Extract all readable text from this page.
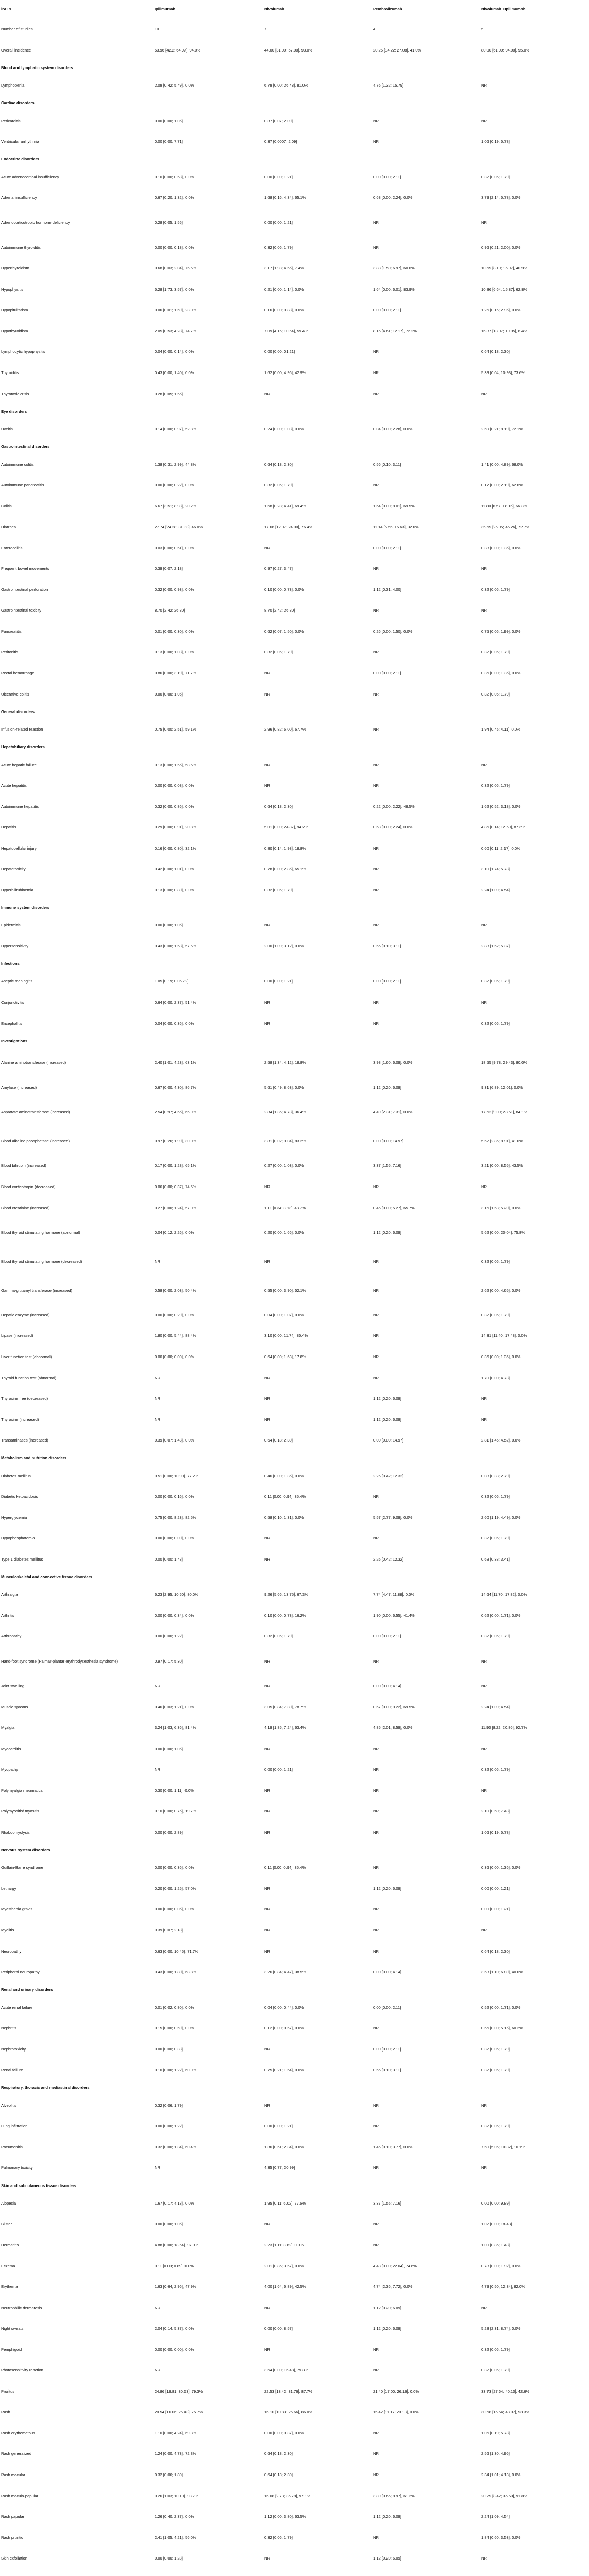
irAEs	Ipilimumab	Nivolumab	Pembrolizumab	Nivolumab +Ipilimumab
Number of studies	10	7	4	5
Overall incidence	53.96 [42.2; 64.97], 94.0%	44.00 [31.00; 57.00], 93.0%	20.26 [14.22; 27.08], 41.0%	80.00 [61.00; 94.00], 95.0%
Blood and lymphatic system disorders				
Lymphopenia	2.08 [0.42; 5.49], 0.0%	6.78 [0.00; 26.48], 81.0%	4.76 [1.32; 15.79]	NR
Cardiac disorders				
Pericarditis	0.00 [0.00; 1.05]	0.37 [0.07; 2.09]	NR	NR
Ventricular arrhythmia	0.00 [0.00; 7.71]	0.37 [0.0007; 2.09]	NR	1.06 [0.19; 5.78]
Endocrine disorders				
Acute adrenocortical insufficiency	0.10 [0.00; 0.58], 0.0%	0.00 [0.00; 1.21]	0.00 [0.00; 2.11]	0.32 [0.06; 1.79]
Adrenal insufficiency	0.67 [0.20; 1.32], 0.0%	1.68 [0.16; 4.34], 65.1%	0.68 [0.00; 2.24], 0.0%	3.79 [2.14; 5.78], 0.0%
Adrenocorticotropic hormone deficiency	0.28 [0.05; 1.55]	0.00 [0.00; 1.21]	NR	NR
Autoimmune thyroiditis	0.00 [0.00; 0.18], 0.0%	0.32 [0.06; 1.79]	NR	0.96 [0.21; 2.00], 0.0%
Hyperthyroidism	0.68 [0.03; 2.04], 75.5%	3.17 [1.98; 4.55], 7.4%	3.83 [1.50; 6.97], 60.6%	10.59 [8.19; 15.97], 40.9%
Hypophysitis	5.28 [1.73; 3.57], 0.0%	0.21 [0.00; 1.14], 0.0%	1.64 [0.00; 6.01], 83.9%	10.86 [6.64; 15.87], 62.8%
Hypopituitarism	0.06 [0.01; 1.69], 23.0%	0.16 [0.00; 0.88], 0.0%	0.00 [0.00; 2.11]	1.25 [0.16; 2.95], 0.0%
Hypothyroidism	2.05 [0.53; 4.28], 74.7%	7.09 [4.16; 10.64], 59.4%	8.15 [4.61; 12.17], 72.2%	16.37 [13.07; 19.95], 6.4%
Lymphocytic hypophysitis	0.04 [0.00; 0.14], 0.0%	0.00 [0.00; 01.21]	NR	0.64 [0.18; 2.30]
Thyroiditis	0.43 [0.00; 1.40], 0.0%	1.62 [0.00; 4.96], 42.9%	NR	5.39 [0.04; 10.93], 73.6%
Thyrotoxic crisis	0.28 [0.05; 1.55]	NR	NR	NR
Eye disorders				
Uveitis	0.14 [0.00; 0.97], 52.8%	0.24 [0.00; 1.03], 0.0%	0.04 [0.00; 2.28], 0.0%	2.69 [0.21; 8.19], 72.1%
Gastrointestinal disorders				
Autoimmune colitis	1.38 [0.31; 2.99], 44.8%	0.64 [0.18; 2.30]	0.56 [0.10; 3.11]	1.41 [0.00; 4.89], 68.0%
Autoimmune pancreatitis	0.00 [0.00; 0.22], 0.0%	0.32 [0.06; 1.79]	NR	0.17 [0.00; 2.19], 62.6%
Colitis	6.67 [3.51; 8.98], 20.2%	1.68 [0.28; 4.41], 69.4%	1.64 [0.00; 8.01], 69.5%	11.80 [6.57; 18.16], 66.3%
Diarrhea	27.74 [24.28; 31.33], 46.0%	17.66 [12.07; 24.00], 76.4%	11.14 [6.56; 16.63], 32.6%	35.69 [26.05; 45.26], 72.7%
Enterocolitis	0.03 [0.00; 0.51], 0.0%	NR	0.00 [0.00; 2.11]	0.38 [0.00; 1.36], 0.0%
Frequent bowel movements	0.39 [0.07; 2.18]	0.97 [0.27; 3.47]	NR	NR
Gastrointestinal perforation	0.32 [0.00; 0.93], 0.0%	0.10 [0.00; 0.73], 0.0%	1.12 [0.31; 4.00]	0.32 [0.06; 1.79]
Gastrointestinal toxicity	8.70 [2.42; 26.80]	8.70 [2.42; 26.80]	NR	NR
Pancreatitis	0.01 [0.00; 0.30], 0.0%	0.62 [0.07; 1.50], 0.0%	0.26 [0.00; 1.50], 0.0%	0.75 [0.06; 1.99], 0.0%
Peritonitis	0.13 [0.00; 1.03], 0.0%	0.32 [0.06; 1.79]	NR	0.32 [0.06; 1.79]
Rectal hemorrhage	0.86 [0.00; 3.19], 71.7%	NR	0.00 [0.00; 2.11]	0.36 [0.00; 1.36], 0.0%
Ulcerative colitis	0.00 [0.00; 1.05]	NR	NR	0.32 [0.06; 1.79]
General disorders				
Infusion-related reaction	0.75 [0.00; 2.51], 59.1%	2.96 [0.82; 6.00], 67.7%	NR	1.94 [0.45; 4.11], 0.0%
Hepatobiliary disorders				
Acute hepatic failure	0.13 [0.00; 1.55], 58.5%	NR	NR	NR
Acute hepatitis	0.00 [0.00; 0.08], 0.0%	NR	NR	0.32 [0.06; 1.79]
Autoimmune hepatitis	0.32 [0.00; 0.86], 0.0%	0.64 [0.18; 2.30]	0.22 [0.00; 2.22], 48.5%	1.62 [0.52; 3.18], 0.0%
Hepatitis	0.29 [0.00; 0.91], 20.8%	5.01 [0.00; 24.87], 94.2%	0.68 [0.00; 2.24], 0.0%	4.85 [0.14; 12.69], 87.3%
Hepatocellular injury	0.16 [0.00; 0.80], 32.1%	0.80 [0.14; 1.98], 18.8%	NR	0.60 [0.11; 2.17], 0.0%
Hepatotoxicity	0.42 [0.00; 1.01], 0.0%	0.78 [0.00; 2.85], 65.1%	NR	3.10 [1.74; 5.78]
Hyperbilirubinemia	0.13 [0.00; 0.80], 0.0%	0.32 [0.06; 1.79]	NR	2.24 [1.09; 4.54]
Immune system disorders				
Epidermitis	0.00 [0.00; 1.05]	NR	NR	NR
Hypersensitivity	0.43 [0.00; 1.58], 57.6%	2.00 [1.09; 3.12], 0.0%	0.56 [0.10; 3.11]	2.88 [1.52; 5.37]
Infections				
Aseptic meningitis	1.05 [0.19; 0.05.72]	0.00 [0.00; 1.21]	0.00 [0.00; 2.11]	0.32 [0.06; 1.79]
Conjunctivitis	0.64 [0.00; 2.37], 51.4%	NR	NR	NR
Encephalitis	0.04 [0.00; 0.36], 0.0%	NR	NR	0.32 [0.06; 1.79]
Investigations				
Alanine aminotransferase (increased)	2.40 [1.01; 4.23], 63.1%	2.58 [1.34; 4.12], 18.8%	3.98 [1.60; 6.09], 0.0%	18.55 [9.78; 29.43], 80.0%
Amylase (increased)	0.67 [0.00; 4.30], 86.7%	5.61 [0.49; 8.63], 0.0%	1.12 [0.20; 6.09]	9.31 [6.89; 12.01], 0.0%
Aspartate aminotransferase (increased)	2.54 [0.97; 4.65], 66.9%	2.84 [1.35; 4.73], 36.4%	4.49 [2.31; 7.31], 0.0%	17.62 [9.09; 28.61], 84.1%
Blood alkaline phosphatase (increased)	0.97 [0.26; 1.99], 30.0%	3.81 [0.02; 9.04], 83.2%	0.00 [0.00; 14.97]	5.52 [2.86; 8.91], 41.0%
Blood bilirubin (increased)	0.17 [0.00; 1.28], 65.1%	0.27 [0.00; 1.03], 0.0%	3.37 [1.55; 7.16]	3.21 [0.00; 8.55], 43.5%
Blood corticotropin (decreased)	0.06 [0.00; 0.37], 74.5%	NR	NR	NR
Blood creatinine (increased)	0.27 [0.00; 1.24], 57.0%	1.11 [0.34; 3.13], 48.7%	0.45 [0.00; 5.27], 65.7%	3.16 [1.53; 5.20], 0.0%
Blood thyroid stimulating hormone (abnormal)	0.04 [0.12; 2.26], 0.0%	0.20 [0.00; 1.66], 0.0%	1.12 [0.20; 6.09]	5.62 [0.00; 20.04], 75.8%
Blood thyroid stimulating hormone (decreased)	NR	NR	NR	0.32 [0.06; 1.79]
Gamma-glutamyl transferase (increased)	0.58 [0.00; 2.03], 50.4%	0.55 [0.00; 3.90], 52.1%	NR	2.62 [0.00; 4.65], 0.0%
Hepatic enzyme (increased)	0.00 [0.00; 0.29], 0.0%	0.04 [0.00; 1.07], 0.0%	NR	0.32 [0.06; 1.79]
Lipase (increased)	1.80 [0.00; 5.44], 88.4%	3.10 [0.00; 11.74], 85.4%	NR	14.31 [11.40; 17.48], 0.0%
Liver function test (abnormal)	0.00 [0.00; 0.00], 0.0%	0.64 [0.00; 1.63], 17.8%	NR	0.36 [0.00; 1.36], 0.0%
Thyroid function test (abnormal)	NR	NR	NR	1.70 [0.00; 4.73]
Thyroxine free (decreased)	NR	NR	1.12 [0.20; 6.09]	NR
Thyroxine (increased)	NR	NR	1.12 [0.20; 6.09]	NR
Transaminases (increased)	0.39 [0.07; 1.43], 0.0%	0.64 [0.18; 2.30]	0.00 [0.00; 14.97]	2.81 [1.45; 4.52], 0.0%
Metabolism and nutrition disorders				
Diabetes mellitus	0.51 [0.00; 10.90], 77.2%	0.46 [0.00; 1.35], 0.0%	2.26 [0.42; 12.32]	0.08 [0.33; 2.79]
Diabetic ketoacidosis	0.00 [0.00; 0.16], 0.0%	0.11 [0.00; 0.94], 35.4%	NR	0.32 [0.06; 1.79]
Hyperglycemia	0.75 [0.00; 8.23], 82.5%	0.58 [0.10; 1.31], 0.0%	5.57 [2.77; 9.09], 0.0%	2.60 [1.19; 4.49], 0.0%
Hypophosphatemia	0.00 [0.00; 0.00], 0.0%	NR	NR	0.32 [0.06; 1.79]
Type 1 diabetes mellitus	0.00 [0.00; 1.48]	NR	2.26 [0.42; 12.32]	0.68 [0.38; 3.41]
Musculoskeletal and connective tissue disorders				
Arthralgia	6.23 [2.95; 10.50], 80.0%	9.26 [5.66; 13.75], 67.3%	7.74 [4.47; 11.88], 0.0%	14.64 [11.70; 17.82], 0.0%
Arthritis	0.00 [0.00; 0.34], 0.0%	0.10 [0.00; 0.73], 16.2%	1.90 [0.00; 6.55], 41.4%	0.62 [0.00; 1.71], 0.0%
Arthropathy	0.00 [0.00; 1.22]	0.32 [0.06; 1.79]	0.00 [0.00; 2.11]	0.32 [0.06; 1.79]
Hand-foot syndrome (Palmar-plantar erythrodysesthesia syndrome)	0.97 [0.17; 5.30]	NR	NR	NR
Joint swelling	NR	NR	0.00 [0.00; 4.14]	NR
Muscle spasms	0.46 [0.03; 1.21], 0.0%	3.05 [0.84; 7.30], 78.7%	0.67 [0.00; 9.22], 69.5%	2.24 [1.09; 4.54]
Myalgia	3.24 [1.03; 6.36], 81.4%	4.19 [1.85; 7.24], 63.4%	4.85 [2.01; 8.59], 0.0%	11.90 [8.22; 20.86], 92.7%
Myocarditis	0.00 [0.00; 1.05]	NR	NR	NR
Myopathy	NR	0.00 [0.00; 1.21]	NR	0.32 [0.06; 1.79]
Polymyalgia rheumatica	0.30 [0.00; 1.11], 0.0%	NR	NR	NR
Polymyositis/ myositis	0.10 [0.00; 0.75], 19.7%	NR	NR	2.10 [0.50; 7.43]
Rhabdomyolysis	0.00 [0.00; 2.89]	NR	NR	1.06 [0.19; 5.78]
Nervous system disorders				
Guillain-Barre syndrome	0.00 [0.00; 0.36], 0.0%	0.11 [0.00; 0.94], 35.4%	NR	0.36 [0.00; 1.36], 0.0%
Lethargy	0.20 [0.00; 1.25], 57.0%	NR	1.12 [0.20; 6.09]	0.00 [0.00; 1.21]
Myasthenia gravis	0.00 [0.00; 0.05], 0.0%	NR	NR	0.00 [0.00; 1.21]
Myelitis	0.39 [0.07; 2.18]	NR	NR	NR
Neuropathy	0.63 [0.00; 10.45], 71.7%	NR	NR	0.64 [0.18; 2.30]
Peripheral neuropathy	0.43 [0.00; 1.80], 68.8%	3.26 [0.84; 4.47], 38.5%	0.00 [0.00; 4.14]	3.63 [1.10; 6.89], 40.0%
Renal and urinary disorders				
Acute renal failure	0.01 [0.02; 0.80], 0.0%	0.04 [0.00; 0.44], 0.0%	0.00 [0.00; 2.11]	0.52 [0.00; 1.71], 0.0%
Nephritis	0.15 [0.00; 0.59], 0.0%	0.12 [0.00; 0.57], 0.0%	NR	0.65 [0.00; 5.15], 60.2%
Nephrotoxicity	0.00 [0.00; 0.33]	NR	0.00 [0.00; 2.11]	0.32 [0.06; 1.79]
Renal failure	0.10 [0.00; 1.22], 60.9%	0.75 [0.21; 1.54], 0.0%	0.56 [0.10; 3.11]	0.32 [0.06; 1.79]
Respiratory, thoracic and mediastinal disorders				
Alveolitis	0.32 [0.06; 1.79]	NR	NR	NR
Lung infiltration	0.00 [0.00; 1.22]	0.00 [0.00; 1.21]	NR	0.32 [0.06; 1.79]
Pneumonitis	0.32 [0.00; 1.34], 60.4%	1.36 [0.61; 2.34], 0.0%	1.46 [0.10; 3.77], 0.0%	7.50 [5.06; 10.32], 10.1%
Pulmonary toxicity	NR	4.35 [0.77; 20.99]	NR	NR
Skin and subcutaneous tissue disorders				
Alopecia	1.67 [0.17; 4.18], 0.0%	1.95 [0.11; 6.02], 77.6%	3.37 [1.55; 7.16]	0.00 [0.00; 9.89]
Blister	0.00 [0.00; 1.05]	NR	NR	1.02 [0.00; 18.43]
Dermatitis	4.88 [0.00; 18.64], 97.0%	2.23 [1.11; 3.62], 0.0%	NR	1.00 [0.86; 1.43]
Eczema	0.11 [0.00; 0.89], 0.0%	2.01 [0.86; 3.57], 0.0%	4.48 [0.00; 22.04], 74.6%	0.78 [0.00; 1.92], 0.0%
Erythema	1.63 [0.64; 2.96], 47.9%	4.00 [1.64; 6.89], 42.5%	4.74 [2.36; 7.72], 0.0%	4.79 [0.50; 12.34], 82.0%
Neutrophilic dermatosis	NR	NR	1.12 [0.20; 6.09]	NR
Night sweats	2.04 [0.14; 5.37], 0.0%	0.00 [0.00; 8.57]	1.12 [0.20; 6.09]	5.28 [2.31; 8.74], 0.0%
Pemphigoid	0.00 [0.00; 0.00], 0.0%	NR	NR	0.32 [0.06; 1.79]
Photosensitivity reaction	NR	3.64 [0.00; 16.48], 79.3%	NR	0.32 [0.06; 1.79]
Pruritus	24.86 [19.81; 30.53], 79.3%	22.53 [13.42; 31.76], 87.7%	21.40 [17.00; 26.16], 0.0%	33.73 [27.64; 40.10], 42.6%
Rash	20.54 [16.06; 25.43], 75.7%	16.10 [10.83; 26.66], 86.0%	15.42 [11.17; 20.13], 0.0%	30.68 [15.64; 48.07], 93.3%
Rash erythematous	1.10 [0.00; 4.24], 69.3%	0.00 [0.00; 0.37], 0.0%	NR	1.06 [0.19; 5.78]
Rash generalized	1.24 [0.00; 4.73], 72.3%	0.64 [0.18; 2.30]	NR	2.56 [1.30; 4.96]
Rash macular	0.32 [0.06; 1.80]	0.64 [0.18; 2.30]	NR	2.34 [1.01; 4.13], 0.0%
Rash maculo-papular	0.26 [1.03; 10.10], 93.7%	16.08 [2.73; 36.78], 97.1%	3.89 [0.65; 8.97], 61.2%	20.29 [8.42; 35.50], 91.8%
Rash papular	1.26 [0.40; 2.37], 0.0%	1.12 [0.00; 3.80], 63.5%	1.12 [0.20; 6.09]	2.24 [1.09; 4.54]
Rash pruritic	2.41 [1.05; 4.21], 56.0%	0.32 [0.06; 1.79]	NR	1.84 [0.60; 3.53], 0.0%
Skin exfoliation	0.00 [0.00; 1.28]	NR	1.12 [0.20; 6.09]	NR
